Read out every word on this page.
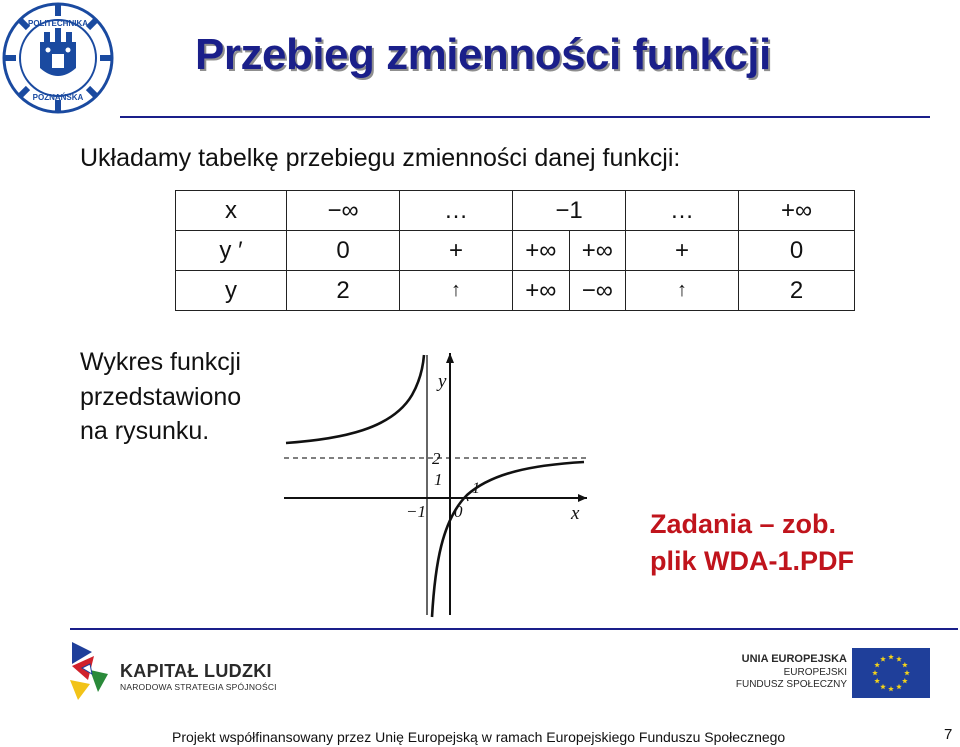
POLITECHNIKA
POZNAŃSKA
Przebieg zmienności funkcji
Układamy tabelkę przebiegu zmienności danej funkcji:
x	−∞	…	−1		…	+∞
y ′	0	+	+∞	+∞	+	0
y	2	↑	+∞	−∞	↑	2
Wykres funkcji
przedstawiono
na rysunku.
y
x
2
1
−1 0
1
Zadania – zob.
plik WDA-1.PDF
KAPITAŁ LUDZKI
NARODOWA STRATEGIA SPÓJNOŚCI
UNIA EUROPEJSKA
EUROPEJSKI
FUNDUSZ SPOŁECZNY
Projekt współfinansowany przez Unię Europejską w ramach Europejskiego Funduszu Społecznego	7
